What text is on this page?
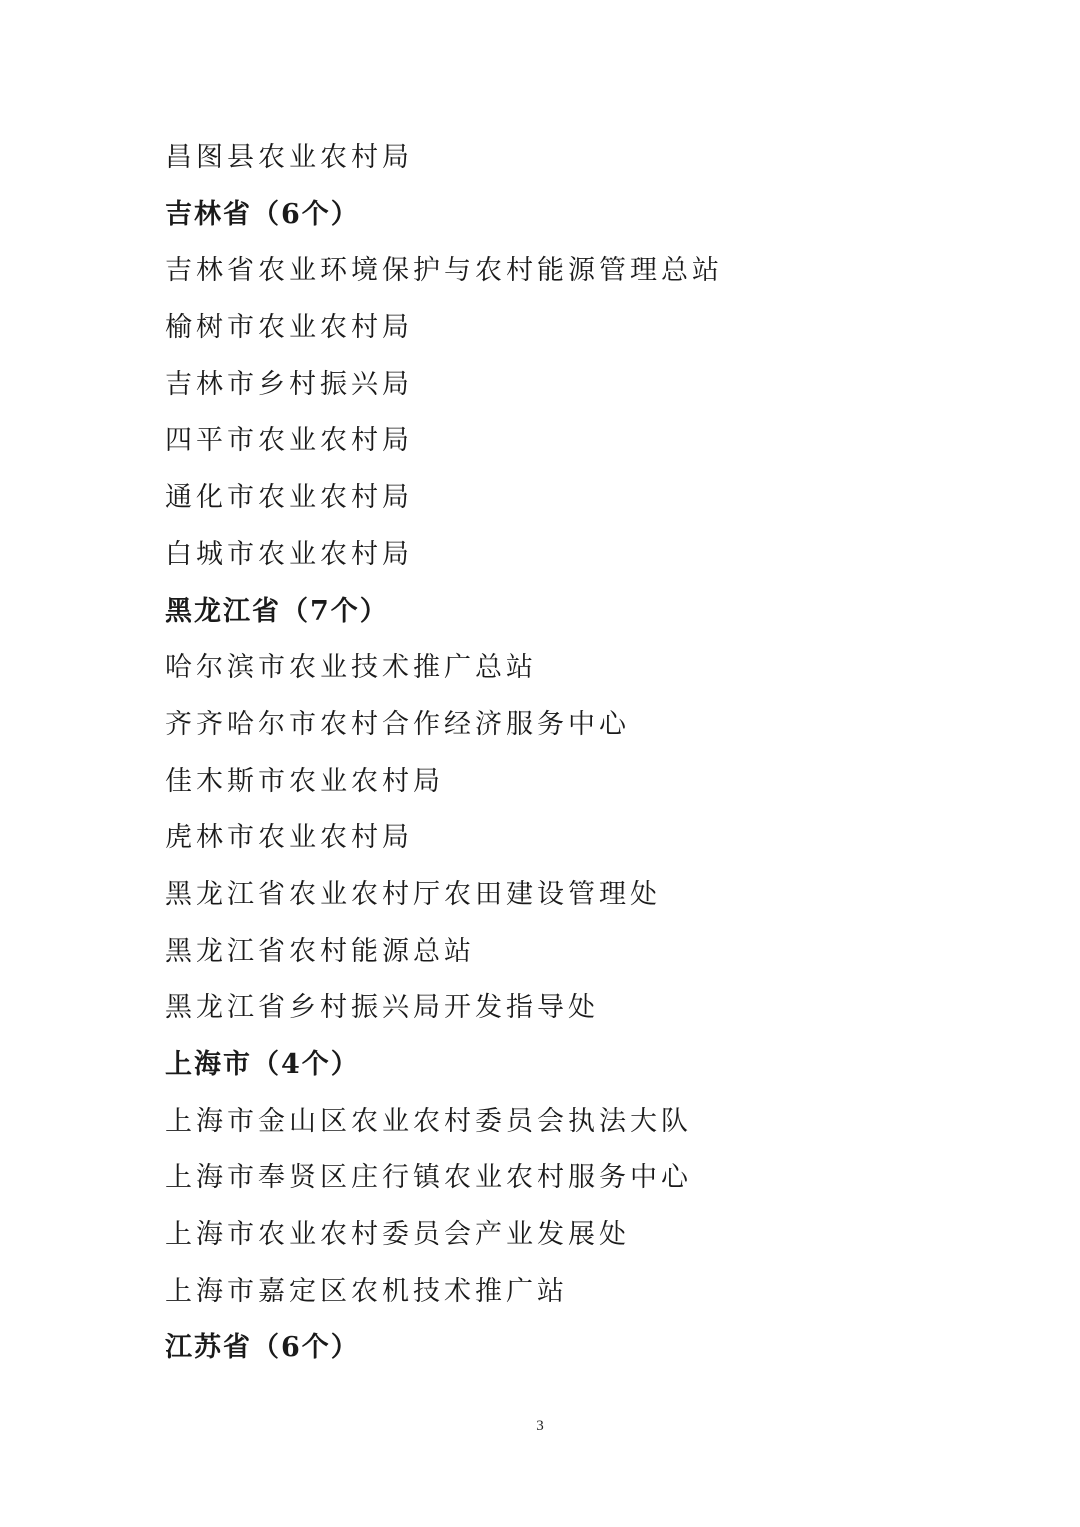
昌图县农业农村局
吉林省（6个）
吉林省农业环境保护与农村能源管理总站
榆树市农业农村局
吉林市乡村振兴局
四平市农业农村局
通化市农业农村局
白城市农业农村局
黑龙江省（7个）
哈尔滨市农业技术推广总站
齐齐哈尔市农村合作经济服务中心
佳木斯市农业农村局
虎林市农业农村局
黑龙江省农业农村厅农田建设管理处
黑龙江省农村能源总站
黑龙江省乡村振兴局开发指导处
上海市（4个）
上海市金山区农业农村委员会执法大队
上海市奉贤区庄行镇农业农村服务中心
上海市农业农村委员会产业发展处
上海市嘉定区农机技术推广站
江苏省（6个）
3
